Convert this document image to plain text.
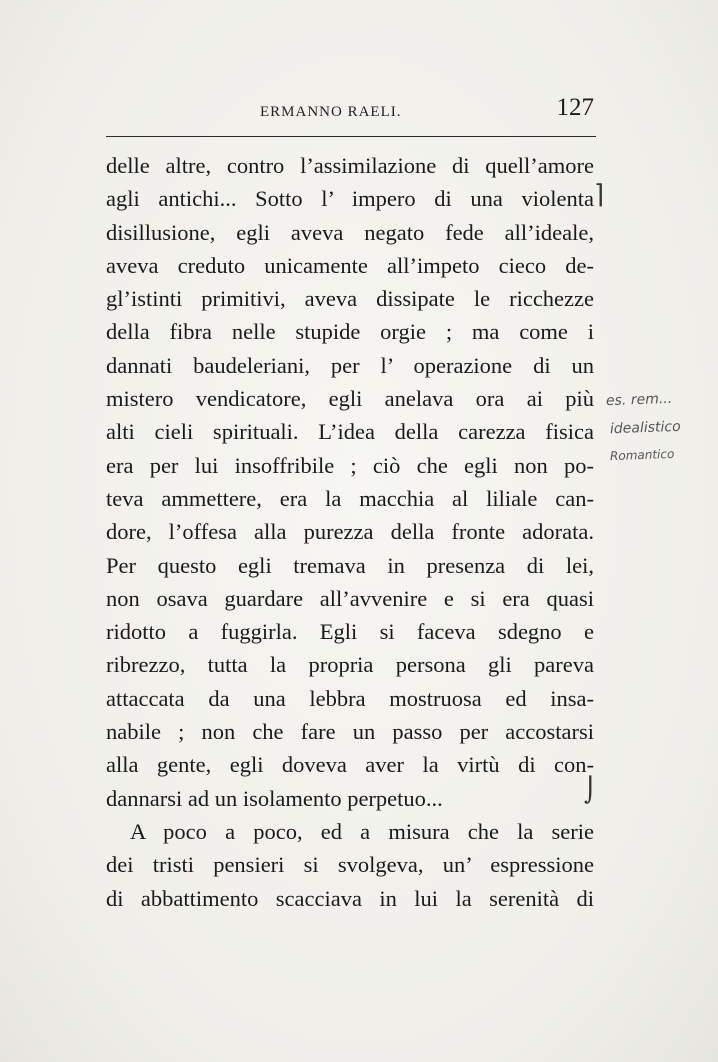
ERMANNO RAELI.	127
delle altre, contro l’assimilazione di quell’amore
agli antichi... Sotto l’ impero di una violenta
disillusione, egli aveva negato fede all’ideale,
aveva creduto unicamente all’impeto cieco de-
gl’istinti primitivi, aveva dissipate le ricchezze
della fibra nelle stupide orgie ; ma come i
dannati baudeleriani, per l’ operazione di un
mistero vendicatore, egli anelava ora ai più
alti cieli spirituali. L’idea della carezza fisica
era per lui insoffribile ; ciò che egli non po-
teva ammettere, era la macchia al liliale can-
dore, l’offesa alla purezza della fronte adorata.
Per questo egli tremava in presenza di lei,
non osava guardare all’avvenire e si era quasi
ridotto a fuggirla. Egli si faceva sdegno e
ribrezzo, tutta la propria persona gli pareva
attaccata da una lebbra mostruosa ed insa-
nabile ; non che fare un passo per accostarsi
alla gente, egli doveva aver la virtù di con-
dannarsi ad un isolamento perpetuo...
A poco a poco, ed a misura che la serie
dei tristi pensieri si svolgeva, un’ espressione
di abbattimento scacciava in lui la serenità di
⌉
⌡
es. rem...
idealistico
Romantico
